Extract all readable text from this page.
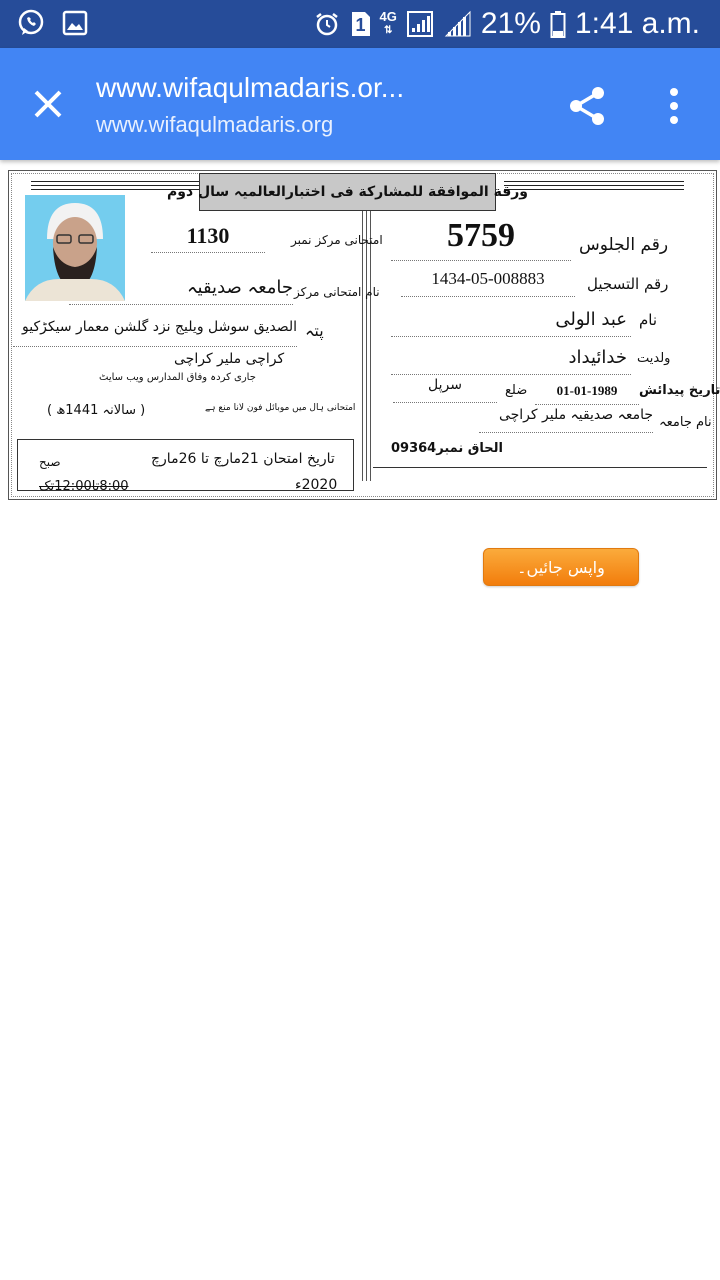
1 4G
⇅	21% 1:41 a.m.
www.wifaqulmadaris.or...
www.wifaqulmadaris.org
ورقة الموافقة للمشاركة فی اختبارالعالمیہ سال دوم
1130	امتحانی مرکز نمبر	5759	رقم الجلوس
جامعہ صدیقیہ نام امتحانی مرکز
1434-05-008883	رقم التسجیل
عبد الولی نام
الصدیق سوشل ویلیج نزد گلشن معمار سیکڑکیو پتہ
کراچی ملیر کراچی
جاری کردہ وفاق المدارس ویب سایٹ
خدائیداد ولدیت
سرپل	ضلع	01-01-1989	تاریخ پیدائش
( سالانہ 1441ھ )	امتحانی ہال میں موبائل فون لانا منع ہے	جامعہ صدیقیہ ملیر کراچی نام جامعہ
الحاق نمبر09364
تاریخ امتحان 21مارچ تا 26مارچ
صبح
2020ء
8:00تا12:00تک
واپس جائیں۔
